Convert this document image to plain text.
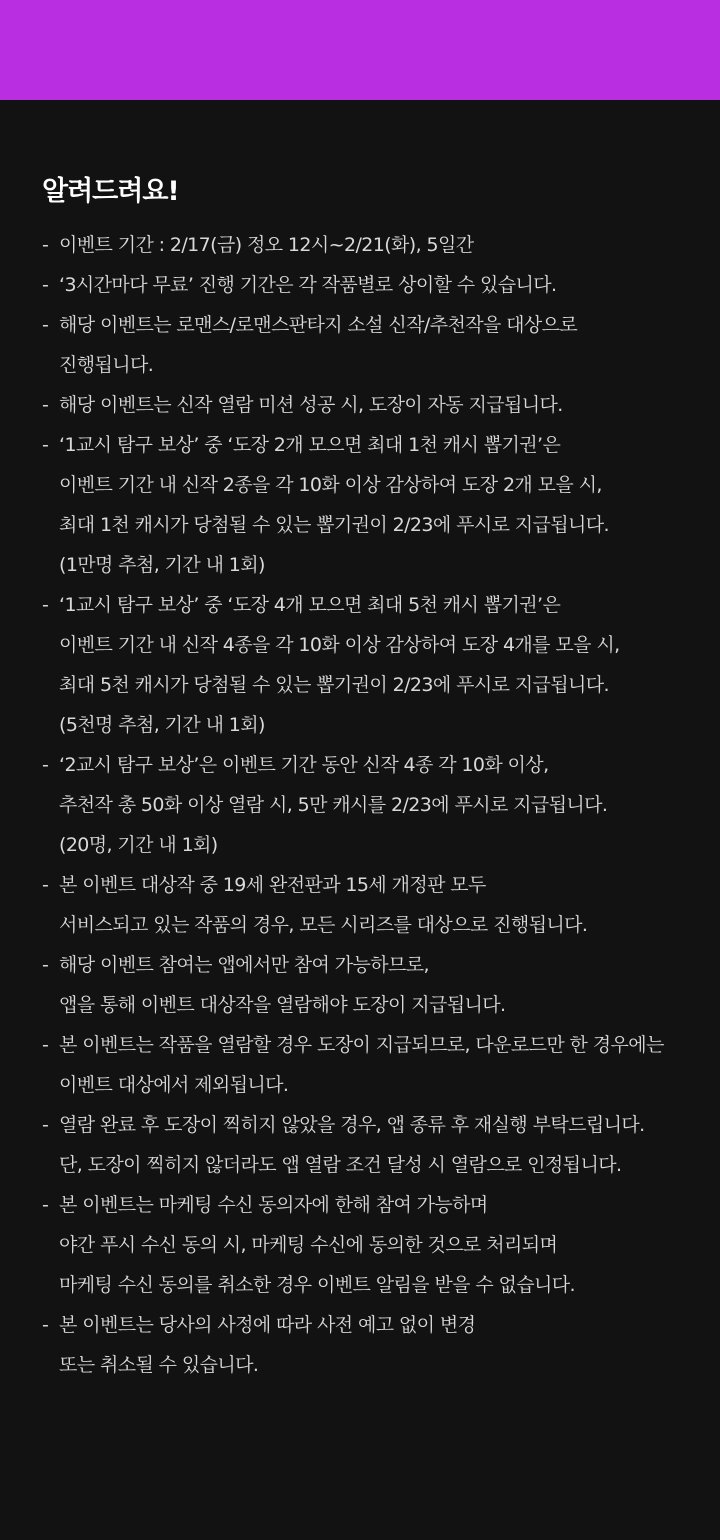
알려드려요!
- 이벤트 기간 : 2/17(금) 정오 12시~2/21(화), 5일간
- ‘3시간마다 무료’ 진행 기간은 각 작품별로 상이할 수 있습니다.
- 해당 이벤트는 로맨스/로맨스판타지 소설 신작/추천작을 대상으로
진행됩니다.
- 해당 이벤트는 신작 열람 미션 성공 시, 도장이 자동 지급됩니다.
- ‘1교시 탐구 보상’ 중 ‘도장 2개 모으면 최대 1천 캐시 뽑기권’은
이벤트 기간 내 신작 2종을 각 10화 이상 감상하여 도장 2개 모을 시,
최대 1천 캐시가 당첨될 수 있는 뽑기권이 2/23에 푸시로 지급됩니다.
(1만명 추첨, 기간 내 1회)
- ‘1교시 탐구 보상’ 중 ‘도장 4개 모으면 최대 5천 캐시 뽑기권’은
이벤트 기간 내 신작 4종을 각 10화 이상 감상하여 도장 4개를 모을 시,
최대 5천 캐시가 당첨될 수 있는 뽑기권이 2/23에 푸시로 지급됩니다.
(5천명 추첨, 기간 내 1회)
- ‘2교시 탐구 보상’은 이벤트 기간 동안 신작 4종 각 10화 이상,
추천작 총 50화 이상 열람 시, 5만 캐시를 2/23에 푸시로 지급됩니다.
(20명, 기간 내 1회)
- 본 이벤트 대상작 중 19세 완전판과 15세 개정판 모두
서비스되고 있는 작품의 경우, 모든 시리즈를 대상으로 진행됩니다.
- 해당 이벤트 참여는 앱에서만 참여 가능하므로,
앱을 통해 이벤트 대상작을 열람해야 도장이 지급됩니다.
- 본 이벤트는 작품을 열람할 경우 도장이 지급되므로, 다운로드만 한 경우에는
이벤트 대상에서 제외됩니다.
- 열람 완료 후 도장이 찍히지 않았을 경우, 앱 종류 후 재실행 부탁드립니다.
단, 도장이 찍히지 않더라도 앱 열람 조건 달성 시 열람으로 인정됩니다.
- 본 이벤트는 마케팅 수신 동의자에 한해 참여 가능하며
야간 푸시 수신 동의 시, 마케팅 수신에 동의한 것으로 처리되며
마케팅 수신 동의를 취소한 경우 이벤트 알림을 받을 수 없습니다.
- 본 이벤트는 당사의 사정에 따라 사전 예고 없이 변경
또는 취소될 수 있습니다.
